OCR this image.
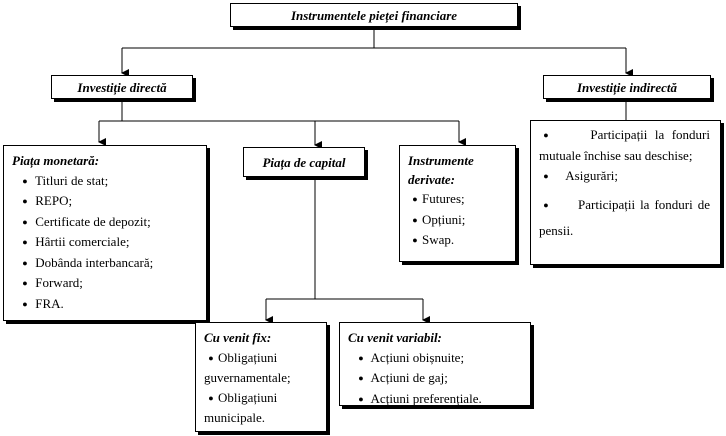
Instrumentele pieței financiare
Investiție directă	Investiție indirectă
●	Participații la fonduri mutuale închise sau deschise;
● Asigurări;
● Participații la fonduri de pensii.
Piața monetară:
● Titluri de stat;
● REPO;
● Certificate de depozit;
● Hârtii comerciale;
● Dobânda interbancară;
● Forward;
● FRA.
Piața de capital	Instrumente derivate:
● Futures;
● Opțiuni;
● Swap.
Cu venit fix:
● Obligațiuni guvernamentale;
● Obligațiuni municipale.
Cu venit variabil:
● Acțiuni obișnuite;
● Acțiuni de gaj;
● Acțiuni preferențiale.
